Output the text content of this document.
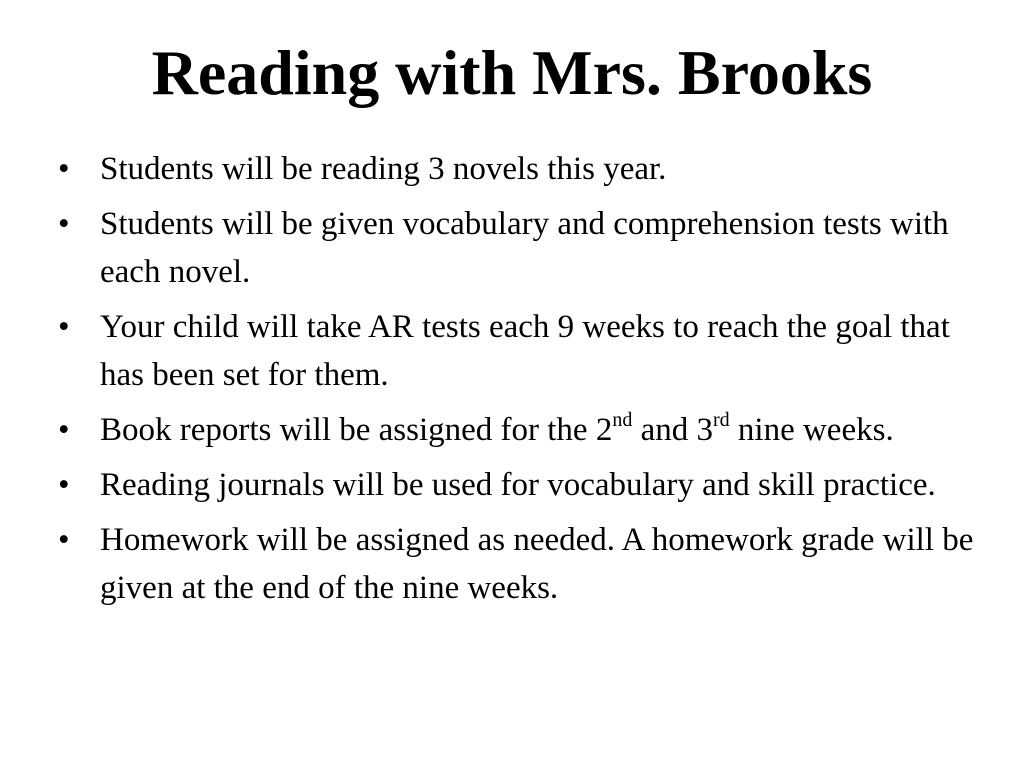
Reading with Mrs. Brooks
• Students will be reading 3 novels this year.
• Students will be given vocabulary and comprehension tests with each novel.
• Your child will take AR tests each 9 weeks to reach the goal that has been set for them.
• Book reports will be assigned for the 2nd and 3rd nine weeks.
• Reading journals will be used for vocabulary and skill practice.
• Homework will be assigned as needed. A homework grade will be given at the end of the nine weeks.
